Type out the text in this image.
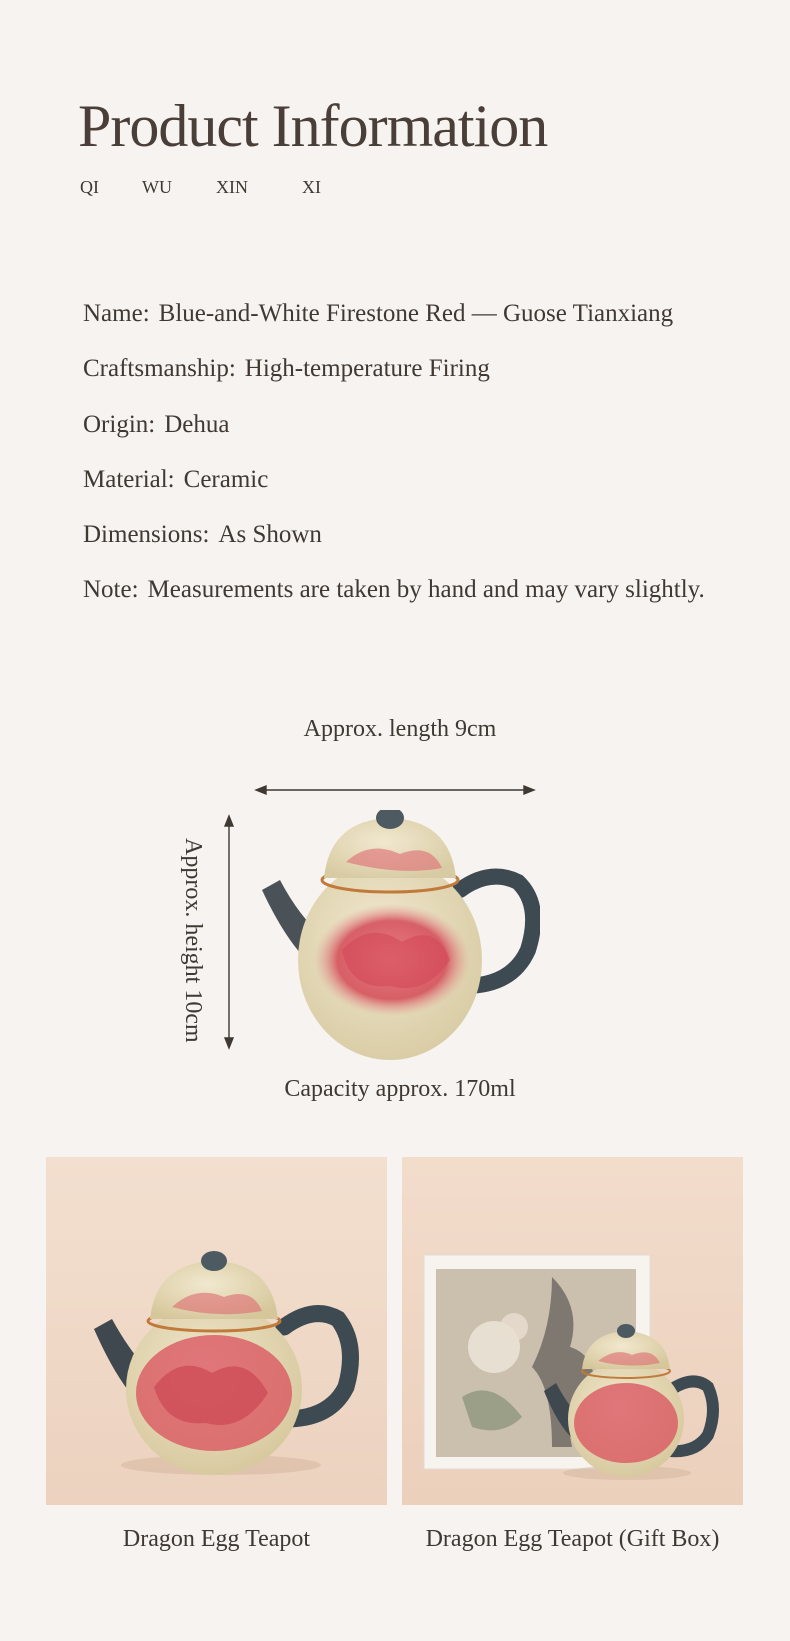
Product Information
QI	WU	XIN	XI
Name: Blue-and-White Firestone Red — Guose Tianxiang
Craftsmanship: High-temperature Firing
Origin: Dehua
Material: Ceramic
Dimensions: As Shown
Note: Measurements are taken by hand and may vary slightly.
Approx. length 9cm
Approx. height 10cm
Capacity approx. 170ml
Dragon Egg Teapot	Dragon Egg Teapot (Gift Box)
